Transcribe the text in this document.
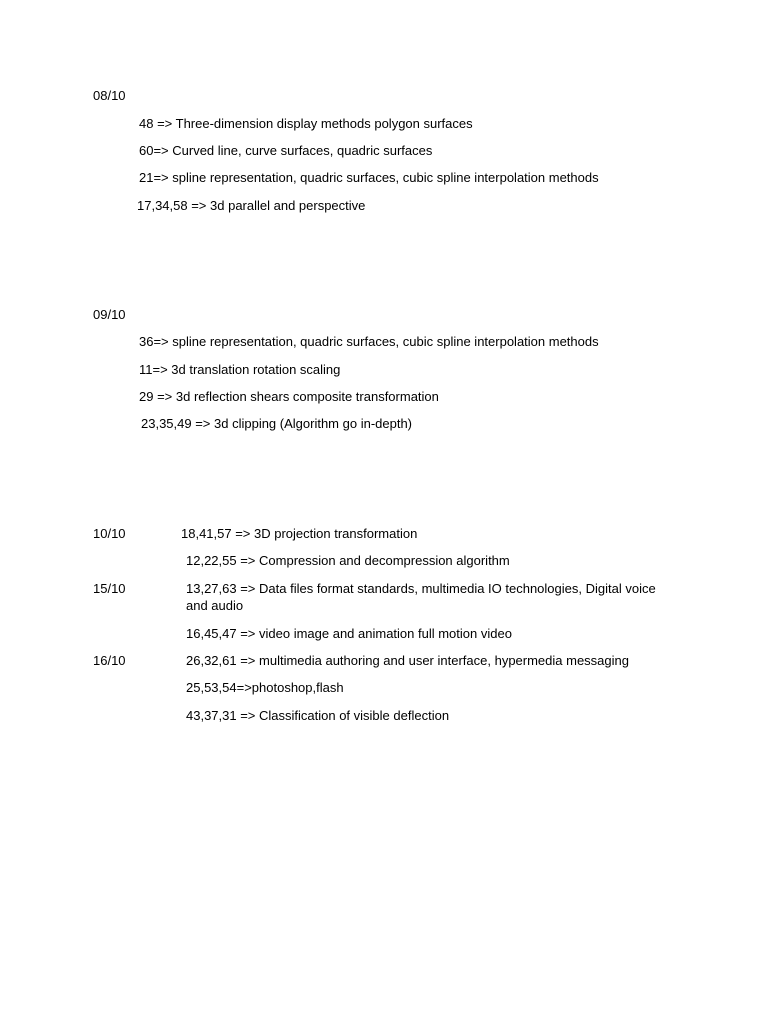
08/10
48 => Three-dimension display methods polygon surfaces
60=> Curved line, curve surfaces, quadric surfaces
21=> spline representation, quadric surfaces, cubic spline interpolation methods
17,34,58 => 3d parallel and perspective
09/10
36=> spline representation, quadric surfaces, cubic spline interpolation methods
11=> 3d translation rotation scaling
29 => 3d reflection shears composite transformation
23,35,49 => 3d clipping (Algorithm go in-depth)
10/10	18,41,57 => 3D projection transformation
12,22,55 => Compression and decompression algorithm
15/10	13,27,63 => Data files format standards, multimedia IO technologies, Digital voice and audio
16,45,47 => video image and animation full motion video
16/10	26,32,61 => multimedia authoring and user interface, hypermedia messaging
25,53,54=>photoshop,flash
43,37,31 => Classification of visible deflection
